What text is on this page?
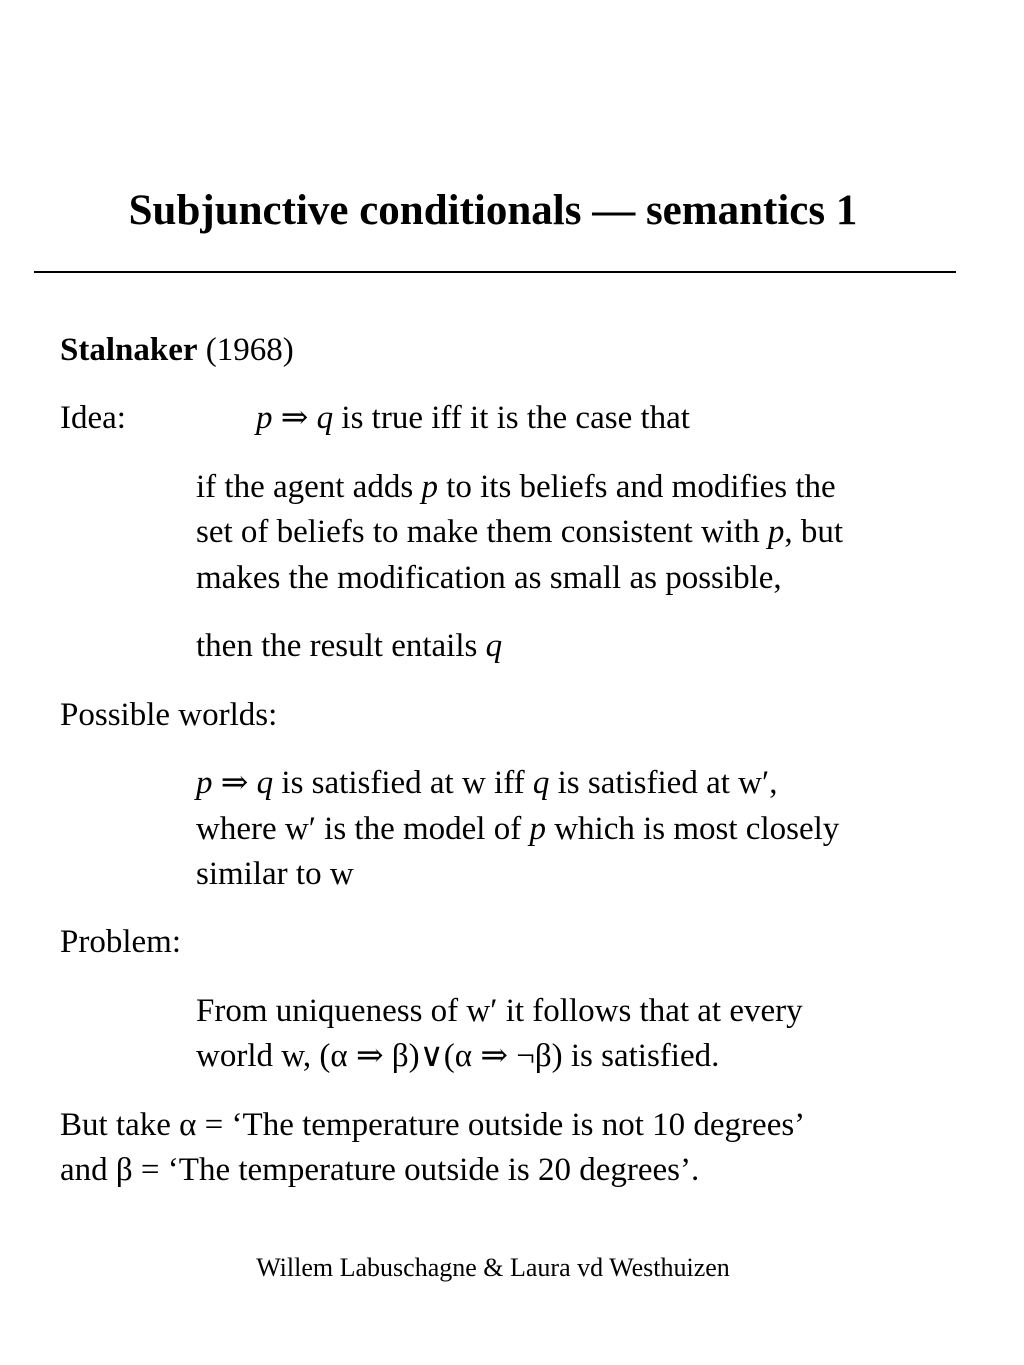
Subjunctive conditionals — semantics 1
Stalnaker (1968)
Idea:	p ⇒ q is true iff it is the case that
if the agent adds p to its beliefs and modifies the
set of beliefs to make them consistent with p, but
makes the modification as small as possible,
then the result entails q
Possible worlds:
p ⇒ q is satisfied at w iff q is satisfied at w′,
where w′ is the model of p which is most closely
similar to w
Problem:
From uniqueness of w′ it follows that at every
world w, (α ⇒ β)∨(α ⇒ ¬β) is satisfied.
But take α = ‘The temperature outside is not 10 degrees’
and β = ‘The temperature outside is 20 degrees’.
Willem Labuschagne & Laura vd Westhuizen
